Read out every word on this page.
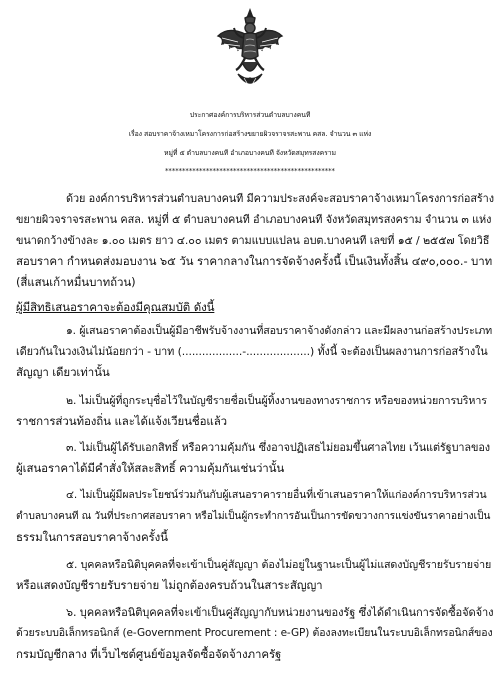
ประกาศองค์การบริหารส่วนตำบลบางคนที
เรื่อง สอบราคาจ้างเหมาโครงการก่อสร้างขยายผิวจราจรสะพาน คสล. จำนวน ๓ แห่ง
หมู่ที่ ๕ ตำบลบางคนที อำเภอบางคนที จังหวัดสมุทรสงคราม
**************************************************
ด้วย องค์การบริหารส่วนตำบลบางคนที มีความประสงค์จะสอบราคาจ้างเหมาโครงการก่อสร้าง
ขยายผิวจราจรสะพาน คสล. หมู่ที่ ๕ ตำบลบางคนที อำเภอบางคนที จังหวัดสมุทรสงคราม จำนวน ๓ แห่ง
ขนาดกว้างข้างละ ๑.๐๐ เมตร ยาว ๔.๐๐ เมตร ตามแบบแปลน อบต.บางคนที เลขที่ ๑๕ / ๒๕๕๗ โดยวิธี
สอบราคา กำหนดส่งมอบงาน ๖๕ วัน ราคากลางในการจัดจ้างครั้งนี้ เป็นเงินทั้งสิ้น ๔๙๐,๐๐๐.- บาท
(สี่แสนเก้าหมื่นบาทถ้วน)
ผู้มีสิทธิเสนอราคาจะต้องมีคุณสมบัติ ดังนี้
๑. ผู้เสนอราคาต้องเป็นผู้มีอาชีพรับจ้างงานที่สอบราคาจ้างดังกล่าว และมีผลงานก่อสร้างประเภท
เดียวกันในวงเงินไม่น้อยกว่า - บาท (..................-...................) ทั้งนี้ จะต้องเป็นผลงานการก่อสร้างใน
สัญญา เดียวเท่านั้น
๒. ไม่เป็นผู้ที่ถูกระบุชื่อไว้ในบัญชีรายชื่อเป็นผู้ทิ้งงานของทางราชการ หรือของหน่วยการบริหาร
ราชการส่วนท้องถิ่น และได้แจ้งเวียนชื่อแล้ว
๓. ไม่เป็นผู้ได้รับเอกสิทธิ์ หรือความคุ้มกัน ซึ่งอาจปฏิเสธไม่ยอมขึ้นศาลไทย เว้นแต่รัฐบาลของ
ผู้เสนอราคาได้มีคำสั่งให้สละสิทธิ์ ความคุ้มกันเช่นว่านั้น
๔. ไม่เป็นผู้มีผลประโยชน์ร่วมกันกับผู้เสนอราคารายอื่นที่เข้าเสนอราคาให้แก่องค์การบริหารส่วน
ตำบลบางคนที ณ วันที่ประกาศสอบราคา หรือไม่เป็นผู้กระทำการอันเป็นการขัดขวางการแข่งขันราคาอย่างเป็น
ธรรมในการสอบราคาจ้างครั้งนี้
๕. บุคคลหรือนิติบุคคลที่จะเข้าเป็นคู่สัญญา ต้องไม่อยู่ในฐานะเป็นผู้ไม่แสดงบัญชีรายรับรายจ่าย
หรือแสดงบัญชีรายรับรายจ่าย ไม่ถูกต้องครบถ้วนในสาระสัญญา
๖. บุคคลหรือนิติบุคคลที่จะเข้าเป็นคู่สัญญากับหน่วยงานของรัฐ ซึ่งได้ดำเนินการจัดซื้อจัดจ้าง
ด้วยระบบอิเล็กทรอนิกส์ (e-Government Procurement : e-GP) ต้องลงทะเบียนในระบบอิเล็กทรอนิกส์ของ
กรมบัญชีกลาง ที่เว็บไซต์ศูนย์ข้อมูลจัดซื้อจัดจ้างภาครัฐ
